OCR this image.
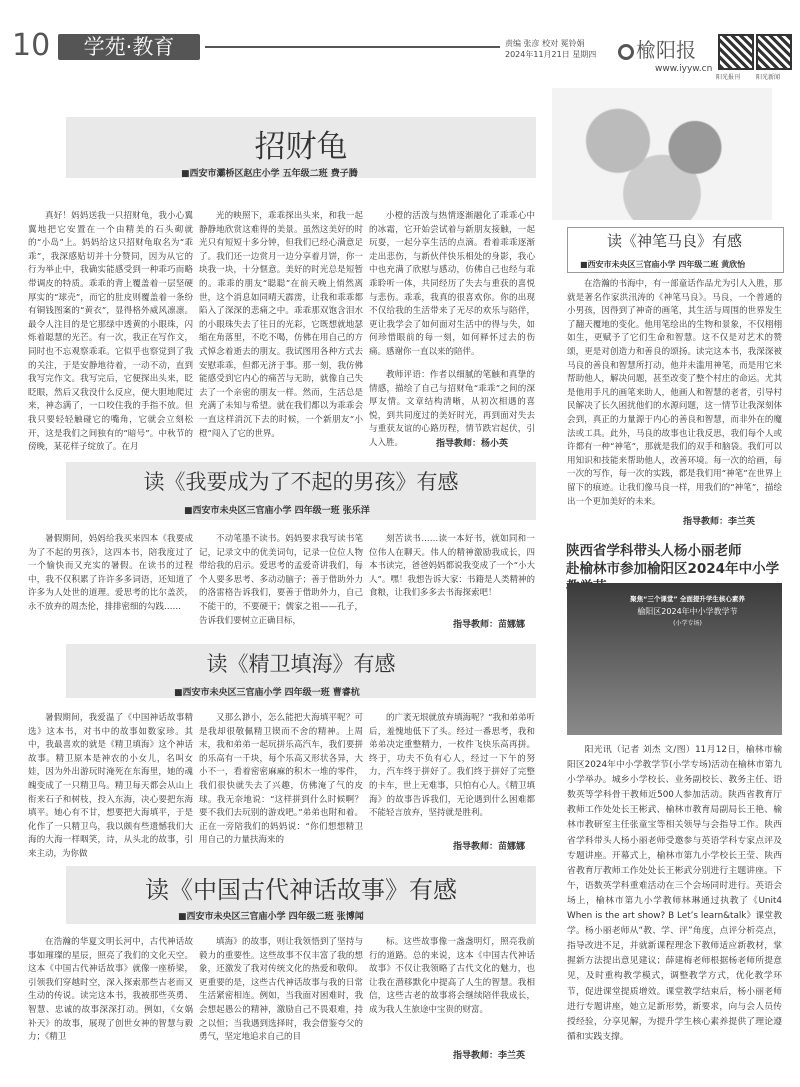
10	学苑·教育	责编 张彦 校对 冕铃娟
2024年11月21日 星期四	楡阳报
www.iyyw.cn
阳光报刊	阳光新闻
招财龟
■西安市灞桥区赵庄小学 五年级二班 费子腾
真好！妈妈送我一只招财龟，我小心翼翼地把它安置在一个由精美的石头砌就的“小岛”上。妈妈给这只招财龟取名为“乖乖”，我深感贴切并十分赞同，因为从它的行为举止中，我确实能感受到一种乖巧而略带调皮的特质。乖乖的背上覆盖着一层坚硬厚实的“球壳”，而它的肚皮则覆盖着一条纷有铜钱图案的“黄衣”，显得格外威风凛凛。最令人注目的是它那绿中透黄的小眼珠，闪烁着聪慧的光芒。有一次，我正在写作文，同时也不忘观察乖乖。它似乎也察觉到了我的关注，于是安静地待着，一动不动，直到我写完作文。我写完后，它便探出头来，眨眨眼，然后又我没什么反应，便大胆地爬过来，神态满了，一口咬住我的手指不放。但我只要轻轻触碰它的嘴角，它就会立刻松开，这是我们之间独有的“暗号”。中秋节的傍晚，某花样子绽放了。在月
光的映照下，乖乖探出头来，和我一起静静地欣赏这难得的美景。虽然这美好的时光只有短短十多分钟，但我们已经心满意足了。我们还一边赏月一边分享着月饼，你一块我一块，十分惬意。美好的时光总是短暂的。乖乖的朋友“聪聪”在前天晚上悄然离世，这个消息如同晴天霹雳，让我和乖乖都陷入了深深的悲痛之中。乖乖那双饱含泪水的小眼珠失去了往日的光彩，它既想就地瑟缩在角落里，不吃不喝，仿佛在用自己的方式悼念着逝去的朋友。我试图用各种方式去安慰乖乖，但都无济于事。那一刻，我仿佛能感受到它内心的痛苦与无助，就像自己失去了一个亲密的朋友一样。然而，生活总是充满了未知与希望。就在我们都以为乖乖会一直这样消沉下去的时候，一个新朋友“小橙”闯入了它的世界。
小橙的活泼与热情逐渐融化了乖乖心中的冰霜，它开始尝试着与新朋友接触，一起玩耍，一起分享生活的点滴。看着乖乖逐渐走出悲伤，与新伙伴快乐相处的身影，我心中也充满了欣慰与感动，仿佛自己也经与乖乖聆听一体，共同经历了失去与重获的喜悦与悲伤。乖乖，我真的很喜欢你。你的出现不仅给我的生活带来了无尽的欢乐与陪伴，更让我学会了如何面对生活中的得与失，如何珍惜眼前的每一刻，如何释怀过去的伤痛。感谢你一直以来的陪伴。
教师评语：作者以细腻的笔触和真挚的情感，描绘了自己与招财龟“乖乖”之间的深厚友情。文章结构清晰，从初次相遇的喜悦，到共同度过的美好时光，再到面对失去与重获友谊的心路历程，情节跌宕起伏，引人入胜。	指导教师：杨小英
读《神笔马良》有感
■西安市未央区三官庙小学 四年级二班 黄欣怡
在浩瀚的书海中，有一部童话作品尤为引人入胜，那就是著名作家洪汛涛的《神笔马良》。马良，一个普通的小男孩，因得到了神奇的画笔，其生活与周围的世界发生了翻天覆地的变化。他用笔绘出的生物和景象，不仅栩栩如生，更赋予了它们生命和智慧。这不仅是对艺术的赞颂，更是对创造力和善良的颂扬。读完这本书，我深深被马良的善良和智慧所打动，他并未滥用神笔，而是用它来帮助他人，解决问题，甚至改变了整个村庄的命运。尤其是他用手凡的画笔来助人，他画人和智慧的老者，引导村民解决了长久困扰他们的水源问题，这一情节让我深刻体会到，真正的力量源于内心的善良和智慧，而非外在的魔法或工具。此外，马良的故事也让我反思，我们每个人或许都有一种“神笔”，那就是我们的双手和脑袋。我们可以用知识和技能来帮助他人，改善环境。每一次的给画，每一次的写作，每一次的实践，都是我们用“神笔”在世界上留下的痕迹。让我们像马良一样，用我们的“神笔”，描绘出一个更加美好的未来。
指导教师：李兰英
读《我要成为了不起的男孩》有感
■西安市未央区三官庙小学 四年级一班 张乐洋
暑假期间，妈妈给我买来四本《我要成为了不起的男孩》，这四本书，陪我度过了一个愉快而又充实的暑假。在读书的过程中，我不仅积累了许许多多词语，还知道了许多为人处世的道理。爱思考的比尔盖茨，永不放弃的周杰伦，排排密细的勾践……
不动笔墨不读书。妈妈要求我写读书笔记，记录文中的优美词句，记录一位位人物带给我的启示。爱思考的孟爱奇讲我们，每个人要多思考、多动动脑子；善于借助外力的洛雷格告诉我们，要善于借助外力，自己不能干的，不要硬干；儒家之祖——孔子，告诉我们要树立正确目标，
刻苦读书……读一本好书，就如同和一位伟人在聊天。伟人的精神激励我成长，四本书读完，爸爸妈妈都说我变成了一个“小大人”。嘿！我想告诉大家：书籍是人类精神的食粮，让我们多多去书海探索吧！
指导教师：苗娜娜
读《精卫填海》有感
■西安市未央区三官庙小学 四年级一班 曹睿杭
暑假期间，我爱温了《中国神话故事精选》这本书，对书中的故事如数家珍。其中，我最喜欢的就是《精卫填海》这个神话故事。精卫原本是神农的小女儿，名叫女娃，因为外出游玩时淹死在东海里，她的魂魄变成了一只精卫鸟。精卫每天都会从山上衔来石子和树枝，投入东海，决心要把东海填平。她心有不甘，想要把大海填平，于是化作了一只精卫鸟，我以颇有些遗憾我们大海的大海一样咽笑，诗，从头北的故事，引来主动，为你做
又那么渺小，怎么能把大海填平呢？可是我却很敬佩精卫锲而不舍的精神。上周末，我和弟弟一起玩拼乐高汽车，我们要拼的乐高有一千块，每个乐高又形状各异，大小不一，看着密密麻麻的积木一堆的零件，我们很快就失去了兴趣，仿佛淹了气的皮球。我无奈地说：“这样拼到什么时候啊？要不我们去玩别的游戏吧。”弟弟也附和着。正在一旁陪我们的妈妈说：“你们想想精卫用自己的力量扶海来的
的广袤无垠就放弃填海呢？”我和弟弟听后，羞愧地低下了头。经过一番思考，我和弟弟决定重整精力，一枚件飞快乐高再拼。终于，功夫不负有心人，经过一下午的努力，汽车终于拼好了。我们终于拼好了完整的卡车，世上无难事，只怕有心人。《精卫填海》的故事告诉我们，无论遇到什么困难都不能轻言放弃，坚持就是胜利。
指导教师：苗娜娜
读《中国古代神话故事》有感
■西安市未央区三官庙小学 四年级二班 张博闻
在浩瀚的华夏文明长河中，古代神话故事如璀璨的星辰，照亮了我们的文化天空。这本《中国古代神话故事》就像一座桥梁，引领我们穿越时空，深入探索那些古老而又生动的传说。读完这本书，我被那些英勇、智慧、忠诚的故事深深打动。例如，《女娲补天》的故事，展现了创世女神的智慧与毅力；《精卫
填海》的故事，则让我领悟到了坚持与毅力的重要性。这些故事不仅丰富了我的想象，还激发了我对传统文化的热爱和敬仰。更重要的是，这些古代神话故事与我的日常生活紧密相连。例如，当我面对困难时，我会想起愚公的精神，激励自己不畏艰难，持之以恒；当我遇到选择时，我会借鉴夸父的勇气，坚定地追求自己的目
标。这些故事像一盏盏明灯，照亮我前行的道路。总的来说，这本《中国古代神话故事》不仅让我领略了古代文化的魅力，也让我在潜移默化中提高了人生的智慧。我相信，这些古老的故事将会继续陪伴我成长，成为我人生旅途中宝贵的财富。
指导教师：李兰英
陕西省学科带头人杨小丽老师
赴榆林市参加榆阳区2024年中小学
聚焦“三个课堂” 全面提升学生核心素养
榆阳区2024年中小学教学节
(小学专场)
阳光讯（记者 刘杰 文/图）11月12日，榆林市榆阳区2024年中小学教学节(小学专场)活动在榆林市第九小学举办。城乡小学校长、业务副校长、教务主任、语数英等学科骨干教师近500人参加活动。陕西省教育厅教师工作处处长王彬武、榆林市教育局副局长王艳、榆林市教研室主任张童宝等相关领导与会指导工作。陕西省学科带头人杨小丽老师受邀参与英语学科专家点评及专题讲座。开幕式上，榆林市第九小学校长王莹、陕西省教育厅教师工作处处长王彬武分别进行主题讲座。下午，语数英学科重难活动在三个会场同时进行。英语会场上，榆林市第九小学教师林琳通过执教了《Unit4 When is the art show? B Let’s learn&talk》课堂教学。杨小丽老师从“教、学、评”角度，点评分析亮点，指导改进不足，并就新课程理念下教师适应新教材，掌握新方法提出意见建议；薛建梅老师根据杨老师所提意见，及时重构教学模式，调整教学方式，优化教学环节，促进课堂提质增效。课堂教学结束后，杨小丽老师进行专题讲座，她立足新形势，新要求，向与会人员传授经验，分享见解，为提升学生核心素养提供了理论遵循和实践支撑。
